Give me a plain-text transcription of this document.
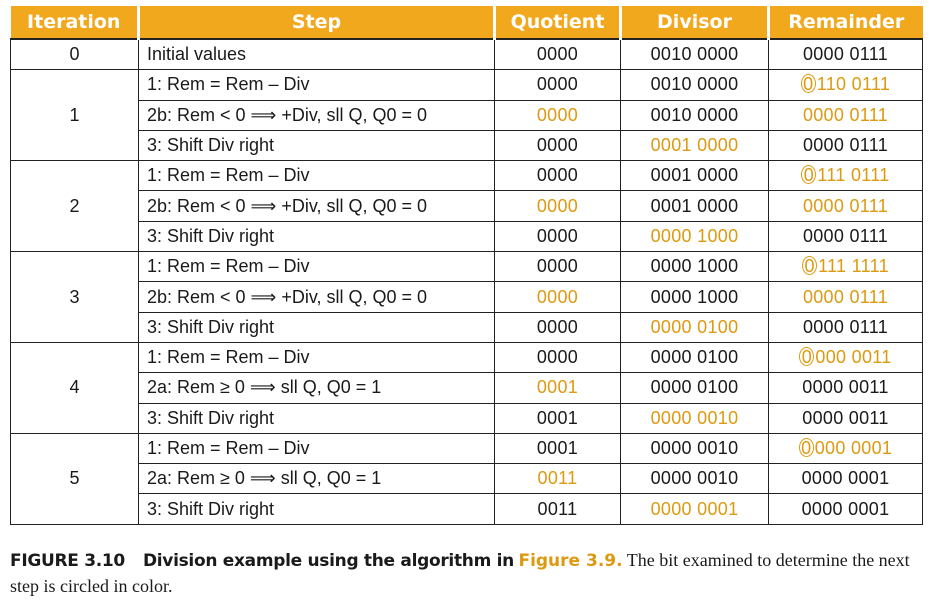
Iteration	Step	Quotient	Divisor	Remainder
0	Initial values	0000	0010 0000	0000 0111
1	1: Rem = Rem – Div	0000	0010 0000	0 110 0111
	2b: Rem < 0 ⟹ +Div, sll Q, Q0 = 0	0000	0010 0000	0000 0111
	3: Shift Div right	0000	0001 0000	0000 0111
2	1: Rem = Rem – Div	0000	0001 0000	0 111 0111
	2b: Rem < 0 ⟹ +Div, sll Q, Q0 = 0	0000	0001 0000	0000 0111
	3: Shift Div right	0000	0000 1000	0000 0111
3	1: Rem = Rem – Div	0000	0000 1000	0 111 1111
	2b: Rem < 0 ⟹ +Div, sll Q, Q0 = 0	0000	0000 1000	0000 0111
	3: Shift Div right	0000	0000 0100	0000 0111
4	1: Rem = Rem – Div	0000	0000 0100	0 000 0011
	2a: Rem ≥ 0 ⟹ sll Q, Q0 = 1	0001	0000 0100	0000 0011
	3: Shift Div right	0001	0000 0010	0000 0011
5	1: Rem = Rem – Div	0001	0000 0010	0 000 0001
	2a: Rem ≥ 0 ⟹ sll Q, Q0 = 1	0011	0000 0010	0000 0001
	3: Shift Div right	0011	0000 0001	0000 0001
FIGURE 3.10 Division example using the algorithm in Figure 3.9. The bit examined to determine the next step is circled in color.
